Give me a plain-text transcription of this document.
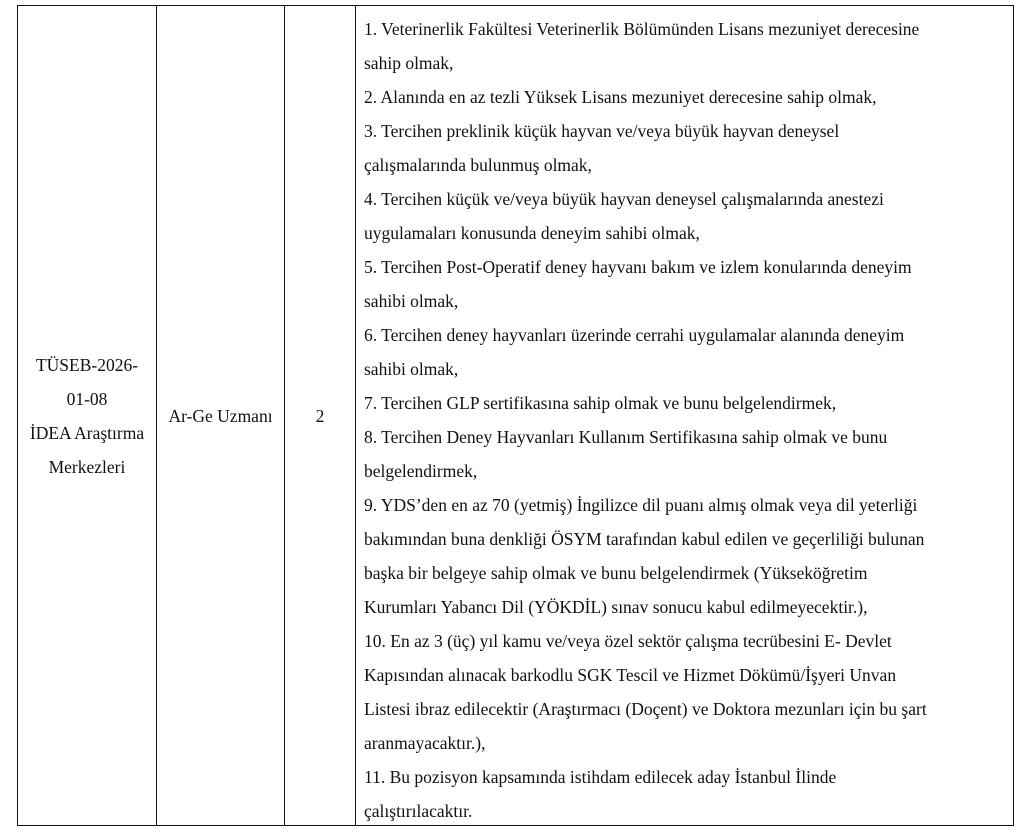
TÜSEB-2026-
01-08
İDEA Araştırma
Merkezleri
Ar-Ge Uzmanı 2
1. Veterinerlik Fakültesi Veterinerlik Bölümünden Lisans mezuniyet derecesine
sahip olmak,
2. Alanında en az tezli Yüksek Lisans mezuniyet derecesine sahip olmak,
3. Tercihen preklinik küçük hayvan ve/veya büyük hayvan deneysel
çalışmalarında bulunmuş olmak,
4. Tercihen küçük ve/veya büyük hayvan deneysel çalışmalarında anestezi
uygulamaları konusunda deneyim sahibi olmak,
5. Tercihen Post-Operatif deney hayvanı bakım ve izlem konularında deneyim
sahibi olmak,
6. Tercihen deney hayvanları üzerinde cerrahi uygulamalar alanında deneyim
sahibi olmak,
7. Tercihen GLP sertifikasına sahip olmak ve bunu belgelendirmek,
8. Tercihen Deney Hayvanları Kullanım Sertifikasına sahip olmak ve bunu
belgelendirmek,
9. YDS’den en az 70 (yetmiş) İngilizce dil puanı almış olmak veya dil yeterliği
bakımından buna denkliği ÖSYM tarafından kabul edilen ve geçerliliği bulunan
başka bir belgeye sahip olmak ve bunu belgelendirmek (Yükseköğretim
Kurumları Yabancı Dil (YÖKDİL) sınav sonucu kabul edilmeyecektir.),
10. En az 3 (üç) yıl kamu ve/veya özel sektör çalışma tecrübesini E- Devlet
Kapısından alınacak barkodlu SGK Tescil ve Hizmet Dökümü/İşyeri Unvan
Listesi ibraz edilecektir (Araştırmacı (Doçent) ve Doktora mezunları için bu şart
aranmayacaktır.),
11. Bu pozisyon kapsamında istihdam edilecek aday İstanbul İlinde
çalıştırılacaktır.
